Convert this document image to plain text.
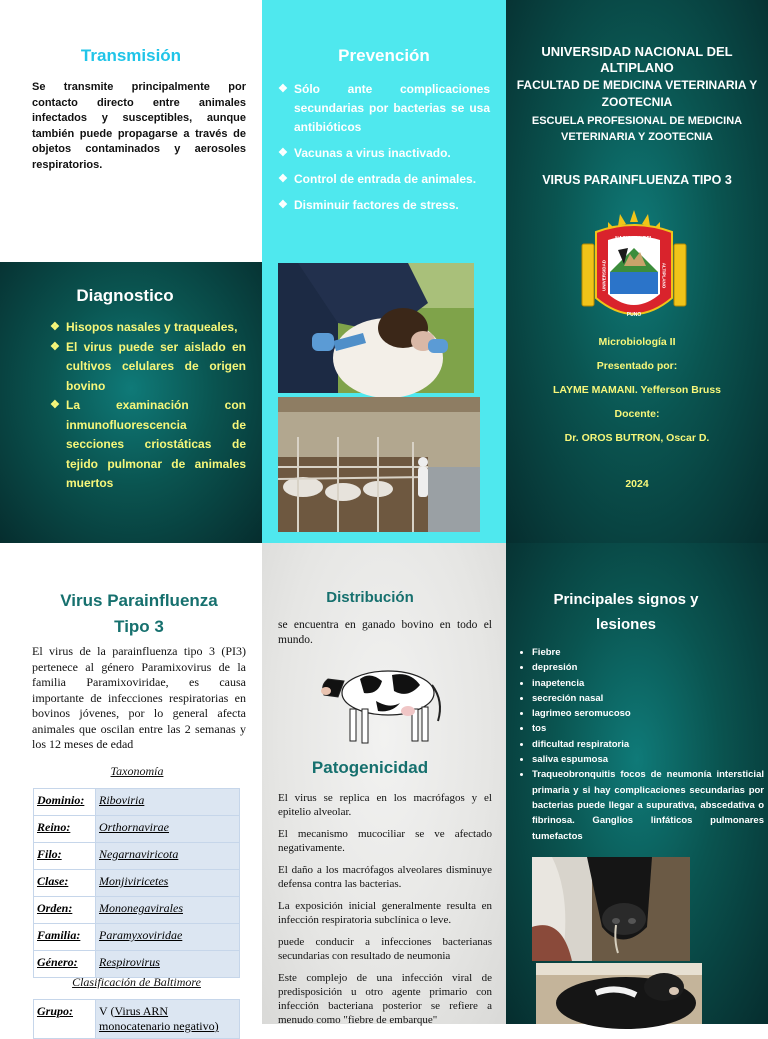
Transmisión
Se transmite principalmente por contacto directo entre animales infectados y susceptibles, aunque también puede propagarse a través de objetos contaminados y aerosoles respiratorios.
Prevención
❖ Sólo ante complicaciones secundarias por bacterias se usa antibióticos
❖ Vacunas a virus inactivado.
❖ Control de entrada de animales.
❖ Disminuir factores de stress.
UNIVERSIDAD NACIONAL DEL ALTIPLANO
FACULTAD DE MEDICINA VETERINARIA Y ZOOTECNIA
ESCUELA PROFESIONAL DE MEDICINA VETERINARIA Y ZOOTECNIA
VIRUS PARAINFLUENZA TIPO 3
NACIONAL DEL
UNIVERSIDAD	ALTIPLANO
PUNO
Microbiología II
Presentado por:
LAYME MAMANI. Yefferson Bruss
Docente:
Dr. OROS BUTRON, Oscar D.
2024
Diagnostico
❖ Hisopos nasales y traqueales,
❖ El virus puede ser aislado en cultivos celulares de origen bovino
❖ La examinación con inmunofluorescencia de secciones criostáticas de tejido pulmonar de animales muertos
Virus Parainfluenza Tipo 3
El virus de la parainfluenza tipo 3 (PI3) pertenece al género Paramixovirus de la familia Paramixoviridae, es causa importante de infecciones respiratorias en bovinos jóvenes, por lo general afecta animales que oscilan entre las 2 semanas y los 12 meses de edad
Taxonomía
Dominio:	Riboviria
Reino:	Orthornavirae
Filo:	Negarnaviricota
Clase:	Monjiviricetes
Orden:	Mononegavirales
Familia:	Paramyxoviridae
Género:	Respirovirus
Clasificación de Baltimore
Grupo:	V (Virus ARN monocatenario negativo)
Distribución
se encuentra en ganado bovino en todo el mundo.
Patogenicidad

El virus se replica en los macrófagos y el epitelio alveolar.

El mecanismo mucociliar se ve afectado negativamente.

El daño a los macrófagos alveolares disminuye defensa contra las bacterias.

La exposición inicial generalmente resulta en infección respiratoria subclínica o leve.

puede conducir a infecciones bacterianas secundarias con resultado de neumonia

Este complejo de una infección viral de predisposición u otro agente primario con infección bacteriana posterior se refiere a menudo como "fiebre de embarque"

Principales signos y lesiones
• Fiebre
• depresión
• inapetencia
• secreción nasal
• lagrimeo seromucoso
• tos
• dificultad respiratoria
• saliva espumosa
• Traqueobronquitis focos de neumonía intersticial primaria y si hay complicaciones secundarias por bacterias puede llegar a supurativa, abscedativa o fibrinosa. Ganglios linfáticos pulmonares tumefactos
